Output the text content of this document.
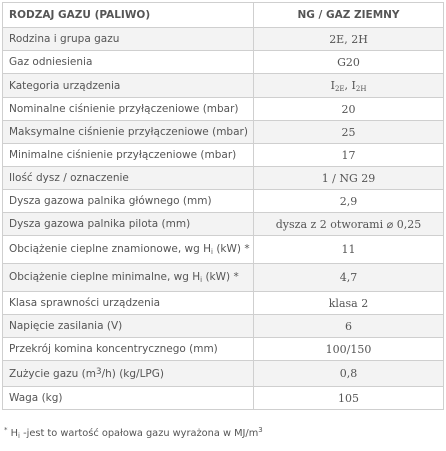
RODZAJ GAZU (PALIWO)	NG / GAZ ZIEMNY
Rodzina i grupa gazu	2E, 2H
Gaz odniesienia	G20
Kategoria urządzenia	$I_{2E}$, $I_{2H}$
Nominalne ciśnienie przyłączeniowe (mbar)	20
Maksymalne ciśnienie przyłączeniowe (mbar)	25
Minimalne ciśnienie przyłączeniowe (mbar)	17
Ilość dysz / oznaczenie	1 / NG 29
Dysza gazowa palnika głównego (mm)	2,9
Dysza gazowa palnika pilota (mm)	dysza z 2 otworami ⌀ 0,25
Obciążenie cieplne znamionowe, wg $H_i$ (kW) *	11
Obciążenie cieplne minimalne, wg $H_i$ (kW) *	4,7
Klasa sprawności urządzenia	klasa 2
Napięcie zasilania (V)	6
Przekrój komina koncentrycznego (mm)	100/150
Zużycie gazu $(m^3/h)$ (kg/LPG)	0,8
Waga (kg)	105
* $H_i$ -jest to wartość opałowa gazu wyrażona w $MJ/m^3$
